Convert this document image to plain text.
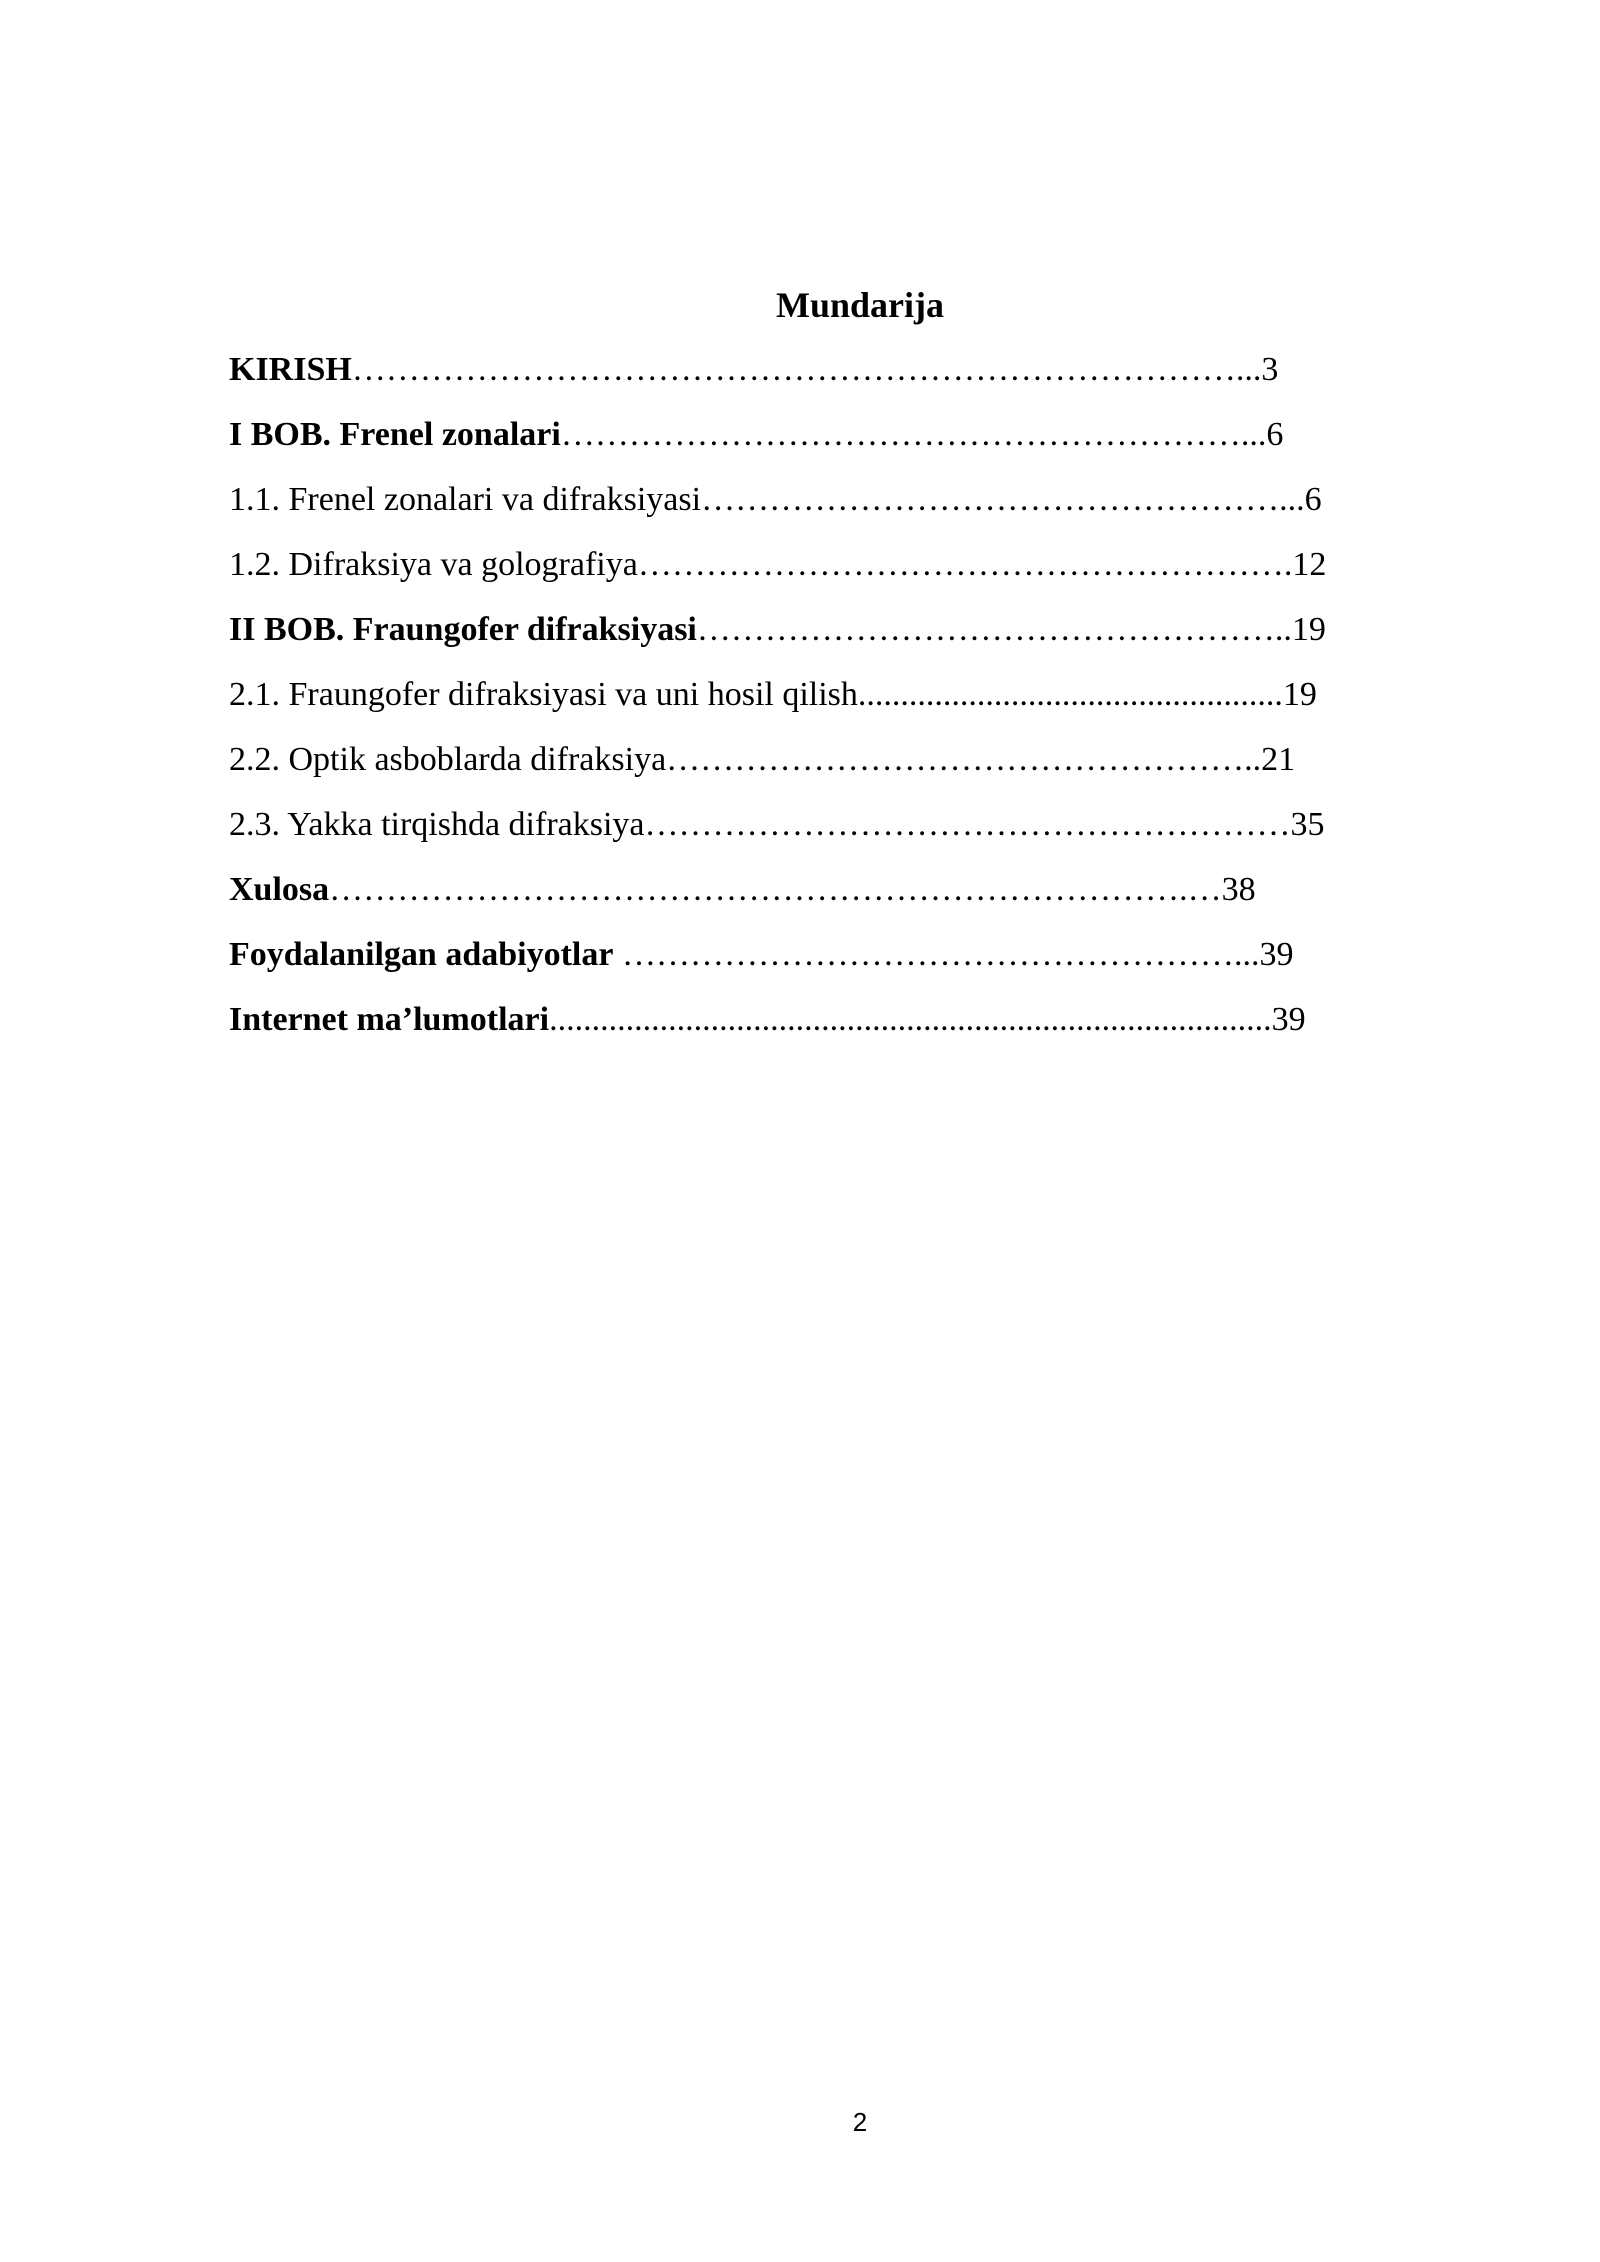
Mundarija
KIRISH……………………………………………………………………...3
I BOB. Frenel zonalari……………………………………………………...6
1.1. Frenel zonalari va difraksiyasi……………………………………………...6
1.2. Difraksiya va golografiya………………………………………………….12
II BOB. Fraungofer difraksiyasi……………………………………………..19
2.1. Fraungofer difraksiyasi va uni hosil qilish..................................................19
2.2. Optik asboblarda difraksiya……………………………………………..21
2.3. Yakka tirqishda difraksiya…………………………………………………35
Xulosa………………………………………………………………….…38
Foydalanilgan adabiyotlar ………………………………………………...39
Internet ma’lumotlari.....................................................................................39
2
